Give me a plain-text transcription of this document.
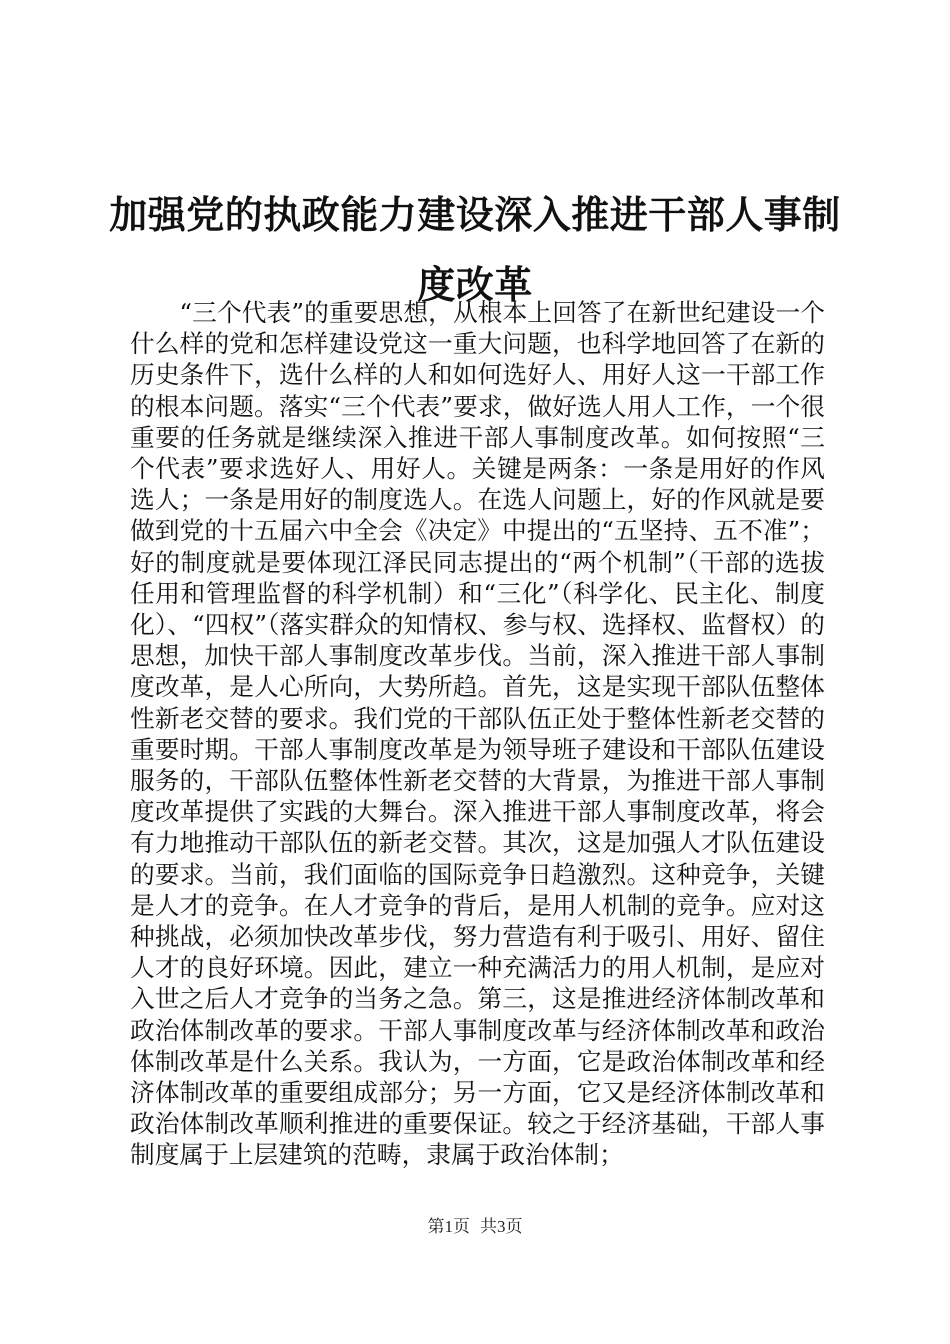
加强党的执政能力建设深入推进干部人事制度改革

“三个代表”的重要思想，从根本上回答了在新世纪建设一个什么样的党和怎样建设党这一重大问题，也科学地回答了在新的历史条件下，选什么样的人和如何选好人、用好人这一干部工作的根本问题。落实“三个代表”要求，做好选人用人工作，一个很重要的任务就是继续深入推进干部人事制度改革。如何按照“三个代表”要求选好人、用好人。关键是两条：一条是用好的作风选人；一条是用好的制度选人。在选人问题上，好的作风就是要做到党的十五届六中全会《决定》中提出的“五坚持、五不准”；好的制度就是要体现江泽民同志提出的“两个机制”（干部的选拔任用和管理监督的科学机制）和“三化”（科学化、民主化、制度化）、“四权”（落实群众的知情权、参与权、选择权、监督权）的思想，加快干部人事制度改革步伐。当前，深入推进干部人事制度改革，是人心所向，大势所趋。首先，这是实现干部队伍整体性新老交替的要求。我们党的干部队伍正处于整体性新老交替的重要时期。干部人事制度改革是为领导班子建设和干部队伍建设服务的，干部队伍整体性新老交替的大背景，为推进干部人事制度改革提供了实践的大舞台。深入推进干部人事制度改革，将会有力地推动干部队伍的新老交替。其次，这是加强人才队伍建设的要求。当前，我们面临的国际竞争日趋激烈。这种竞争，关键是人才的竞争。在人才竞争的背后，是用人机制的竞争。应对这种挑战，必须加快改革步伐，努力营造有利于吸引、用好、留住人才的良好环境。因此，建立一种充满活力的用人机制，是应对入世之后人才竞争的当务之急。第三，这是推进经济体制改革和政治体制改革的要求。干部人事制度改革与经济体制改革和政治体制改革是什么关系。我认为，一方面，它是政治体制改革和经济体制改革的重要组成部分；另一方面，它又是经济体制改革和政治体制改革顺利推进的重要保证。较之于经济基础，干部人事制度属于上层建筑的范畴，隶属于政治体制；

第1页 共3页
